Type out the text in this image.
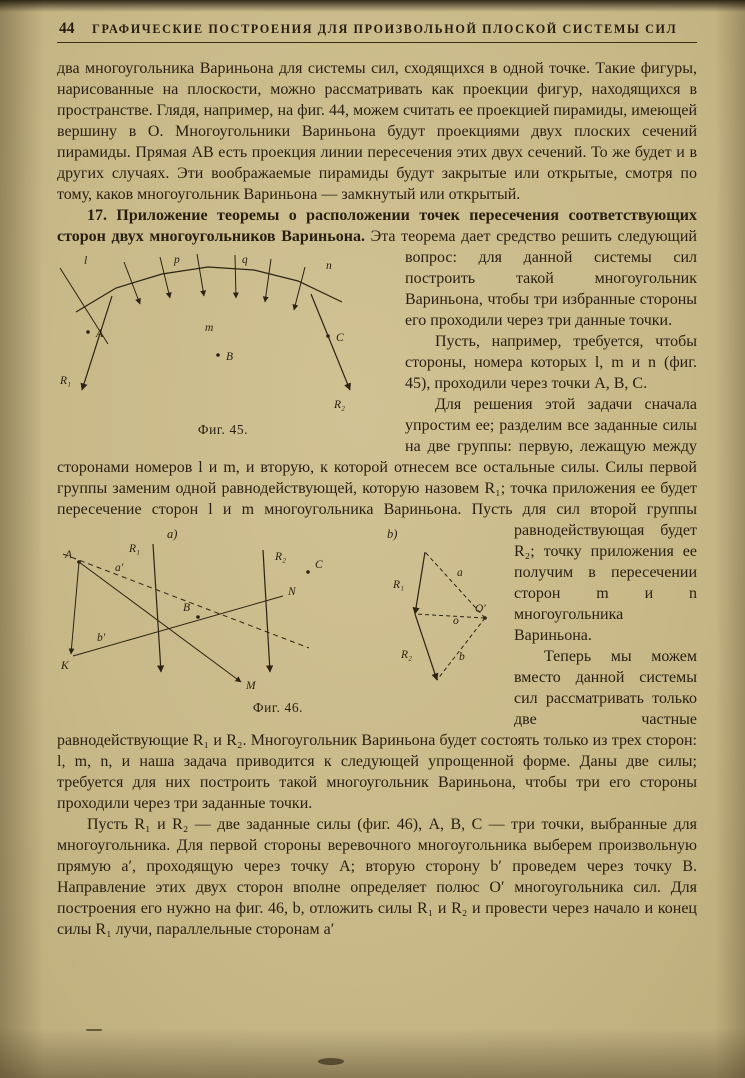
44	ГРАФИЧЕСКИЕ ПОСТРОЕНИЯ ДЛЯ ПРОИЗВОЛЬНОЙ ПЛОСКОЙ СИСТЕМЫ СИЛ

два многоугольника Вариньона для системы сил, сходящихся в одной точке. Такие фигуры, нарисованные на плоскости, можно рассматривать как проекции фигур, находящихся в пространстве. Глядя, например, на фиг. 44, можем считать ее проекцией пирамиды, имеющей вершину в O. Многоугольники Вариньона будут проекциями двух плоских сечений пирамиды. Прямая AB есть проекция линии пересечения этих двух сечений. То же будет и в других случаях. Эти воображаемые пирамиды будут закрытые или открытые, смотря по тому, каков многоугольник Вариньона — замкнутый или открытый.

17. Приложение теоремы о расположении точек пересечения соответствующих сторон двух многоугольников Вариньона. Эта теорема дает средство решить следующий вопрос: для данной системы
l	p	q	n
m
A
B
C
R₁
R₂
Фиг. 45.
сил построить такой многоугольник Вариньона, чтобы три избранные стороны его проходили через три данные точки.

Пусть, например, требуется, чтобы стороны, номера которых l, m и n (фиг. 45), проходили через точки A, B, C.

Для решения этой задачи сначала упростим ее; разделим все заданные силы на две группы: первую, лежащую между сторонами номеров l и m, и вторую, к которой отнесем все остальные силы. Силы первой группы заменим одной равнодействующей, которую назовем R₁; точка приложения ее будет пересечение сторон l и m многоугольника Вариньона.
a)
A
K
M
N
B
C
a′
b′
R₁
R₂
b)
R₁
R₂
O′
a
o
b
Фиг. 46.
Пусть для сил второй группы равнодействующая будет R₂; точку приложения ее получим в пересечении сторон m и n многоугольника Вариньона.

Теперь мы можем вместо данной системы сил рассматривать только две частные равнодействующие R₁ и R₂. Многоугольник Вариньона будет состоять только из трех сторон: l, m, n, и наша задача приводится к следующей упрощенной форме. Даны две силы; требуется для них построить такой многоугольник Вариньона, чтобы три его стороны проходили через три заданные точки.

Пусть R₁ и R₂ — две заданные силы (фиг. 46), A, B, C — три точки, выбранные для многоугольника. Для первой стороны веревочного многоугольника выберем произвольную прямую a′, проходящую через точку A; вторую сторону b′ проведем через точку B. Направление этих двух сторон вполне определяет полюс O′ многоугольника сил. Для построения его нужно на фиг. 46, b, отложить силы R₁ и R₂ и провести через начало и конец силы R₁ лучи, параллельные сторонам a′
